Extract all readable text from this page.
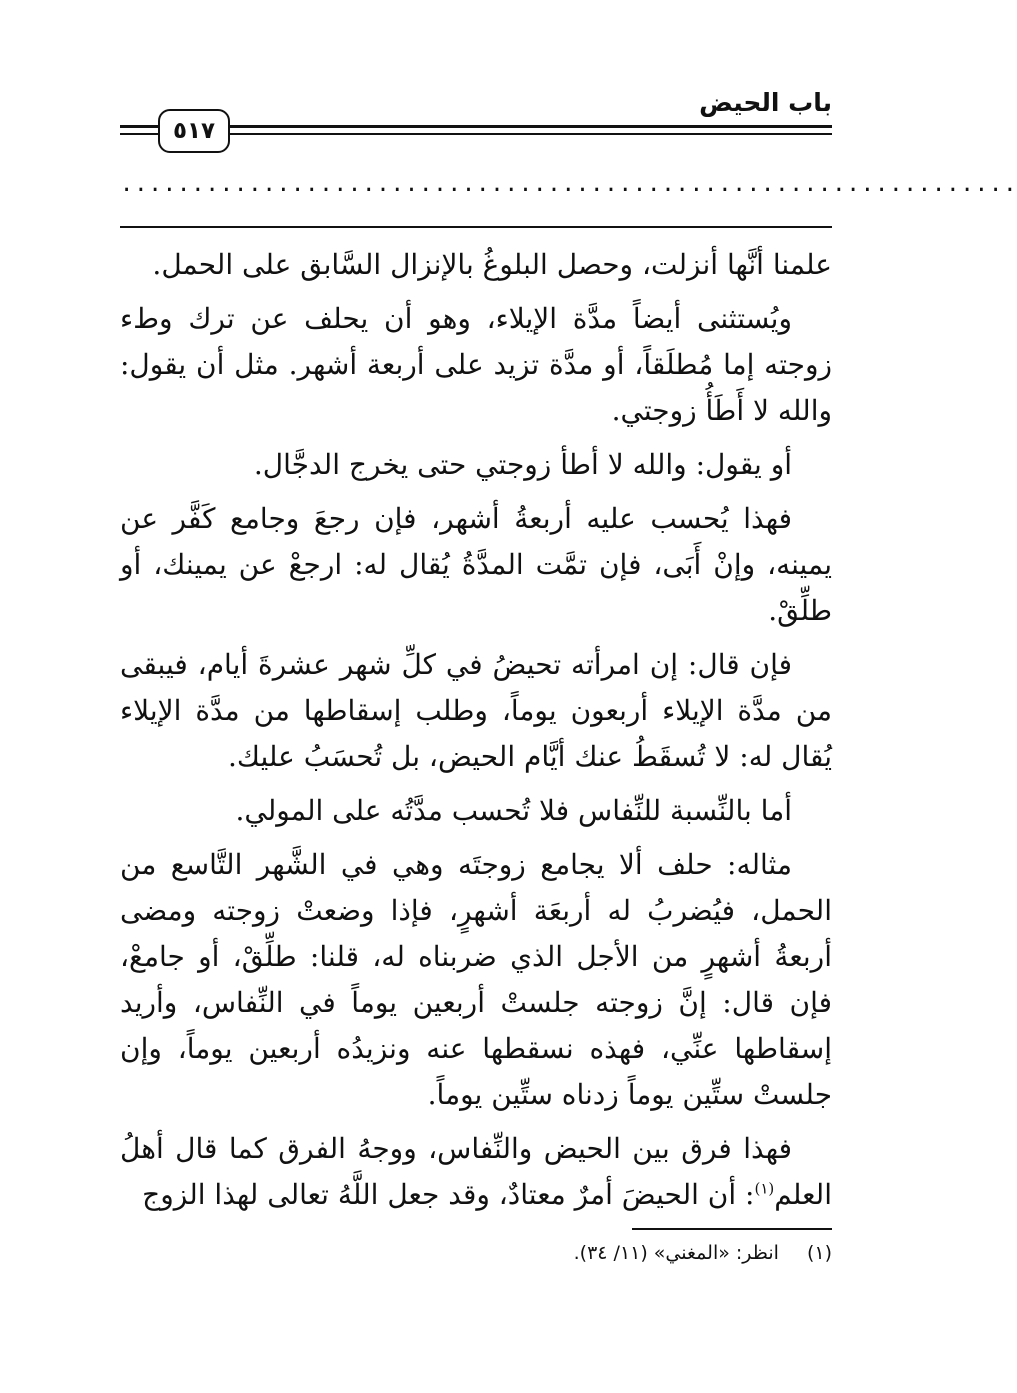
باب الحيض
٥١٧
...............................................................

علمنا أنَّها أنزلت، وحصل البلوغُ بالإنزال السَّابق على الحمل.

ويُستثنى أيضاً مدَّة الإيلاء، وهو أن يحلف عن ترك وطء زوجته إما مُطلَقاً، أو مدَّة تزيد على أربعة أشهر. مثل أن يقول: والله لا أَطَأُ زوجتي.

أو يقول: والله لا أطأ زوجتي حتى يخرج الدجَّال.

فهذا يُحسب عليه أربعةُ أشهر، فإن رجعَ وجامع كَفَّر عن يمينه، وإنْ أَبَى، فإن تمَّت المدَّةُ يُقال له: ارجعْ عن يمينك، أو طلِّقْ.

فإن قال: إن امرأته تحيضُ في كلِّ شهر عشرةَ أيام، فيبقى من مدَّة الإيلاء أربعون يوماً، وطلب إسقاطها من مدَّة الإيلاء يُقال له: لا تُسقَطُ عنك أيَّام الحيض، بل تُحسَبُ عليك.

أما بالنِّسبة للنِّفاس فلا تُحسب مدَّتُه على المولي.

مثاله: حلف ألا يجامع زوجتَه وهي في الشَّهر التَّاسع من الحمل، فيُضربُ له أربعَة أشهرٍ، فإذا وضعتْ زوجته ومضى أربعةُ أشهرٍ من الأجل الذي ضربناه له، قلنا: طلِّقْ، أو جامعْ، فإن قال: إنَّ زوجته جلستْ أربعين يوماً في النِّفاس، وأريد إسقاطها عنِّي، فهذه نسقطها عنه ونزيدُه أربعين يوماً، وإن جلستْ ستِّين يوماً زدناه ستِّين يوماً.

فهذا فرق بين الحيض والنِّفاس، ووجهُ الفرق كما قال أهلُ العلم$^{(١)}$: أن الحيضَ أمرٌ معتادٌ، وقد جعل اللَّهُ تعالى لهذا الزوج

(١)انظر: «المغني» (١١/ ٣٤).
